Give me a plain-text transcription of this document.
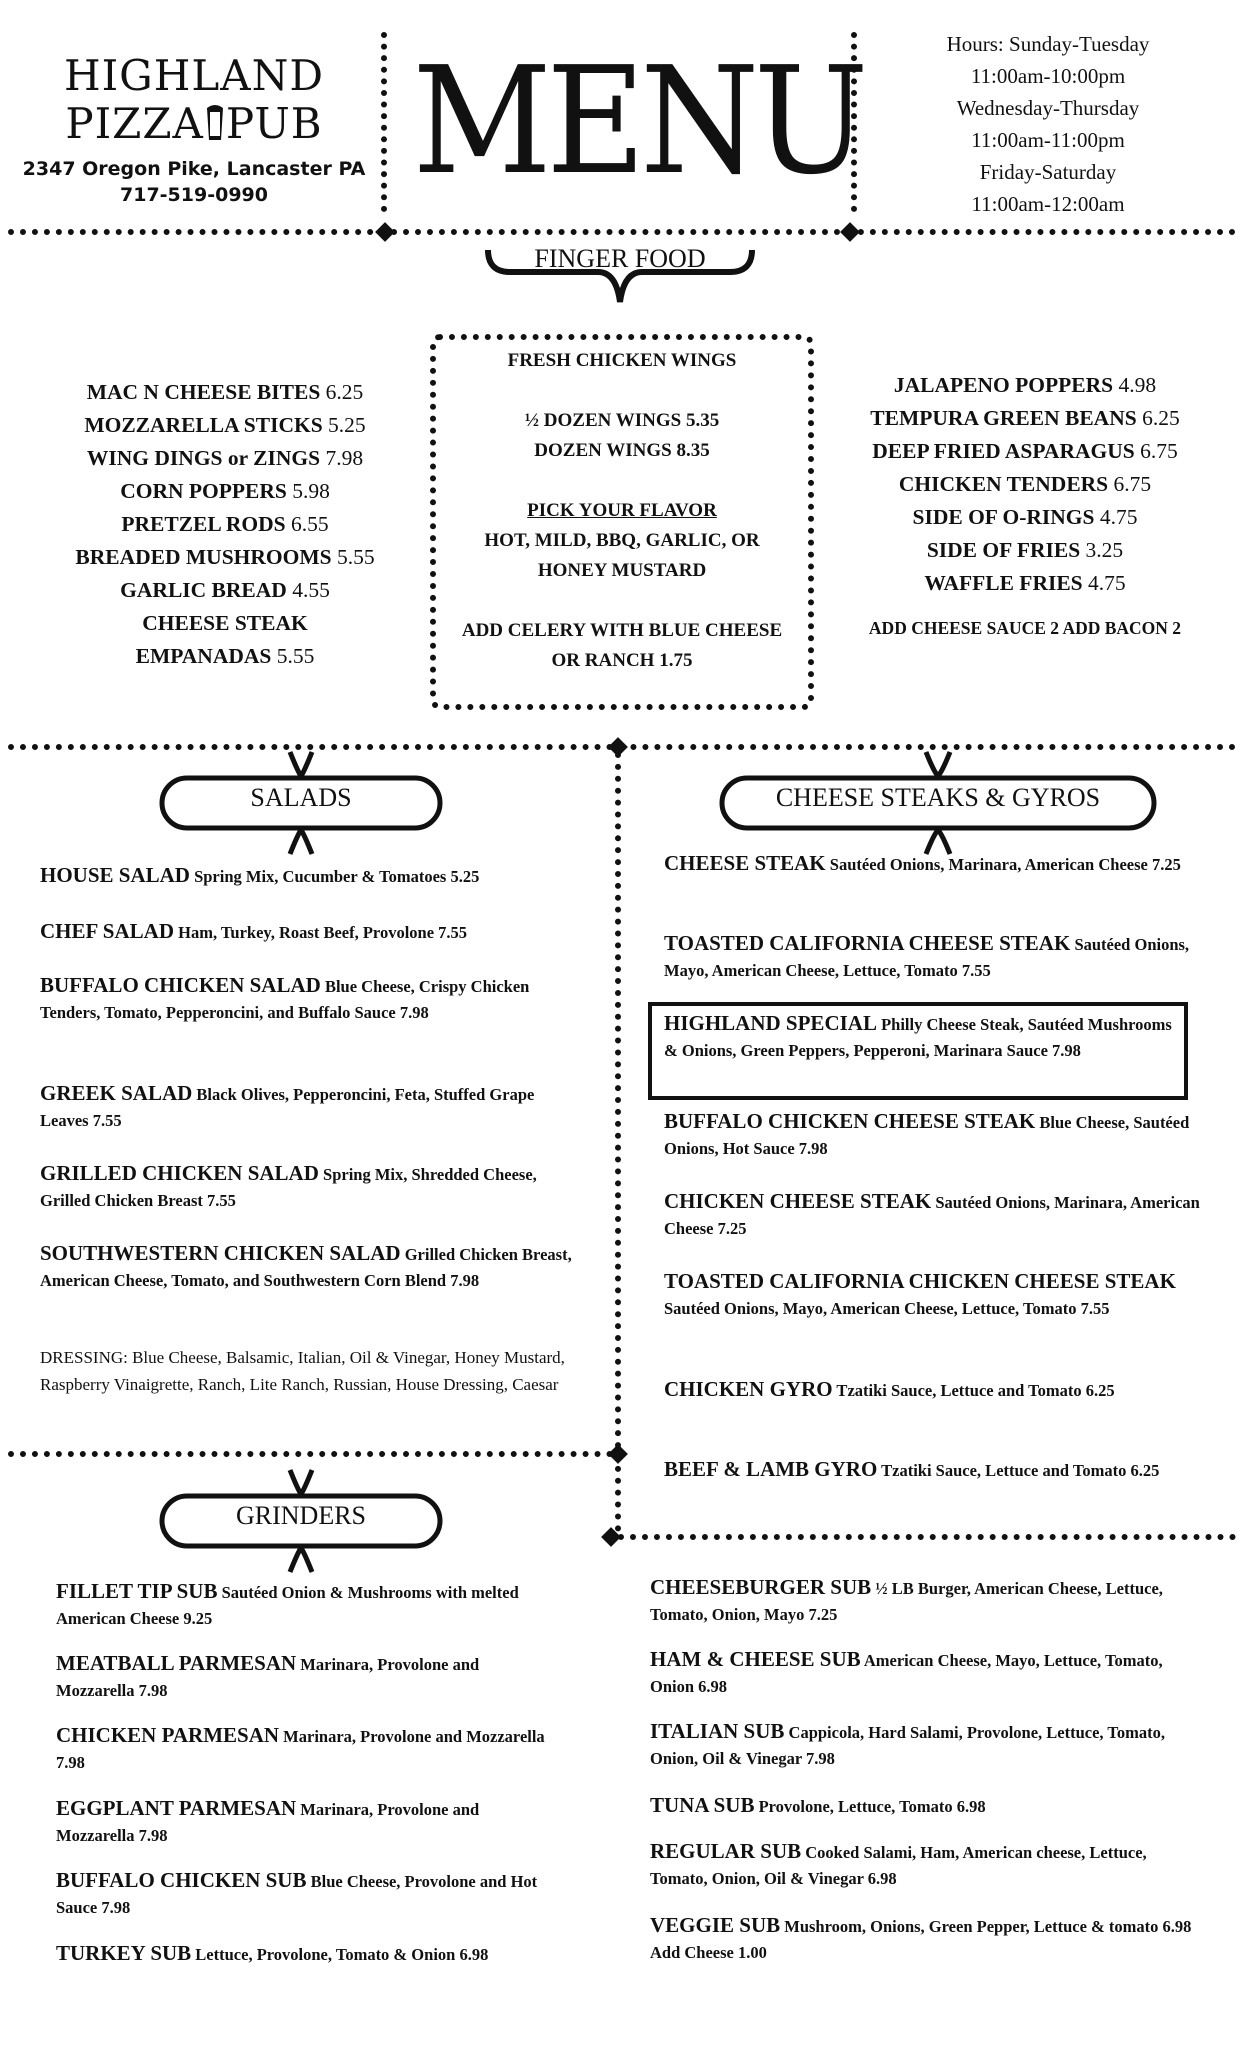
HIGHLAND
PIZZA PUB
2347 Oregon Pike, Lancaster PA
717-519-0990 MENU	Hours: Sunday-Tuesday
11:00am-10:00pm
Wednesday-Thursday
11:00am-11:00pm
Friday-Saturday
11:00am-12:00am
FINGER FOOD
MAC N CHEESE BITES 6.25
MOZZARELLA STICKS 5.25
WING DINGS or ZINGS 7.98
CORN POPPERS 5.98
PRETZEL RODS 6.55
BREADED MUSHROOMS 5.55
GARLIC BREAD 4.55
CHEESE STEAK
EMPANADAS 5.55
FRESH CHICKEN WINGS
½ DOZEN WINGS 5.35
DOZEN WINGS 8.35
PICK YOUR FLAVOR
HOT, MILD, BBQ, GARLIC, OR
HONEY MUSTARD
ADD CELERY WITH BLUE CHEESE
OR RANCH 1.75
JALAPENO POPPERS 4.98
TEMPURA GREEN BEANS 6.25
DEEP FRIED ASPARAGUS 6.75
CHICKEN TENDERS 6.75
SIDE OF O-RINGS 4.75
SIDE OF FRIES 3.25
WAFFLE FRIES 4.75
ADD CHEESE SAUCE 2 ADD BACON 2
SALADS
HOUSE SALAD Spring Mix, Cucumber & Tomatoes 5.25
CHEF SALAD Ham, Turkey, Roast Beef, Provolone 7.55
BUFFALO CHICKEN SALAD Blue Cheese, Crispy Chicken Tenders, Tomato, Pepperoncini, and Buffalo Sauce 7.98
GREEK SALAD Black Olives, Pepperoncini, Feta, Stuffed Grape Leaves 7.55
GRILLED CHICKEN SALAD Spring Mix, Shredded Cheese, Grilled Chicken Breast 7.55
SOUTHWESTERN CHICKEN SALAD Grilled Chicken Breast, American Cheese, Tomato, and Southwestern Corn Blend 7.98
DRESSING: Blue Cheese, Balsamic, Italian, Oil & Vinegar, Honey Mustard, Raspberry Vinaigrette, Ranch, Lite Ranch, Russian, House Dressing, Caesar
CHEESE STEAKS & GYROS
CHEESE STEAK Sautéed Onions, Marinara, American Cheese 7.25
TOASTED CALIFORNIA CHEESE STEAK Sautéed Onions, Mayo, American Cheese, Lettuce, Tomato 7.55
HIGHLAND SPECIAL Philly Cheese Steak, Sautéed Mushrooms & Onions, Green Peppers, Pepperoni, Marinara Sauce 7.98
BUFFALO CHICKEN CHEESE STEAK Blue Cheese, Sautéed Onions, Hot Sauce 7.98
CHICKEN CHEESE STEAK Sautéed Onions, Marinara, American Cheese 7.25
TOASTED CALIFORNIA CHICKEN CHEESE STEAK Sautéed Onions, Mayo, American Cheese, Lettuce, Tomato 7.55
CHICKEN GYRO Tzatiki Sauce, Lettuce and Tomato 6.25
BEEF & LAMB GYRO Tzatiki Sauce, Lettuce and Tomato 6.25
GRINDERS
FILLET TIP SUB Sautéed Onion & Mushrooms with melted American Cheese 9.25
MEATBALL PARMESAN Marinara, Provolone and Mozzarella 7.98
CHICKEN PARMESAN Marinara, Provolone and Mozzarella 7.98
EGGPLANT PARMESAN Marinara, Provolone and Mozzarella 7.98
BUFFALO CHICKEN SUB Blue Cheese, Provolone and Hot Sauce 7.98
TURKEY SUB Lettuce, Provolone, Tomato & Onion 6.98
CHEESEBURGER SUB ½ LB Burger, American Cheese, Lettuce, Tomato, Onion, Mayo 7.25
HAM & CHEESE SUB American Cheese, Mayo, Lettuce, Tomato, Onion 6.98
ITALIAN SUB Cappicola, Hard Salami, Provolone, Lettuce, Tomato, Onion, Oil & Vinegar 7.98
TUNA SUB Provolone, Lettuce, Tomato 6.98
REGULAR SUB Cooked Salami, Ham, American cheese, Lettuce, Tomato, Onion, Oil & Vinegar 6.98
VEGGIE SUB Mushroom, Onions, Green Pepper, Lettuce & tomato 6.98 Add Cheese 1.00
